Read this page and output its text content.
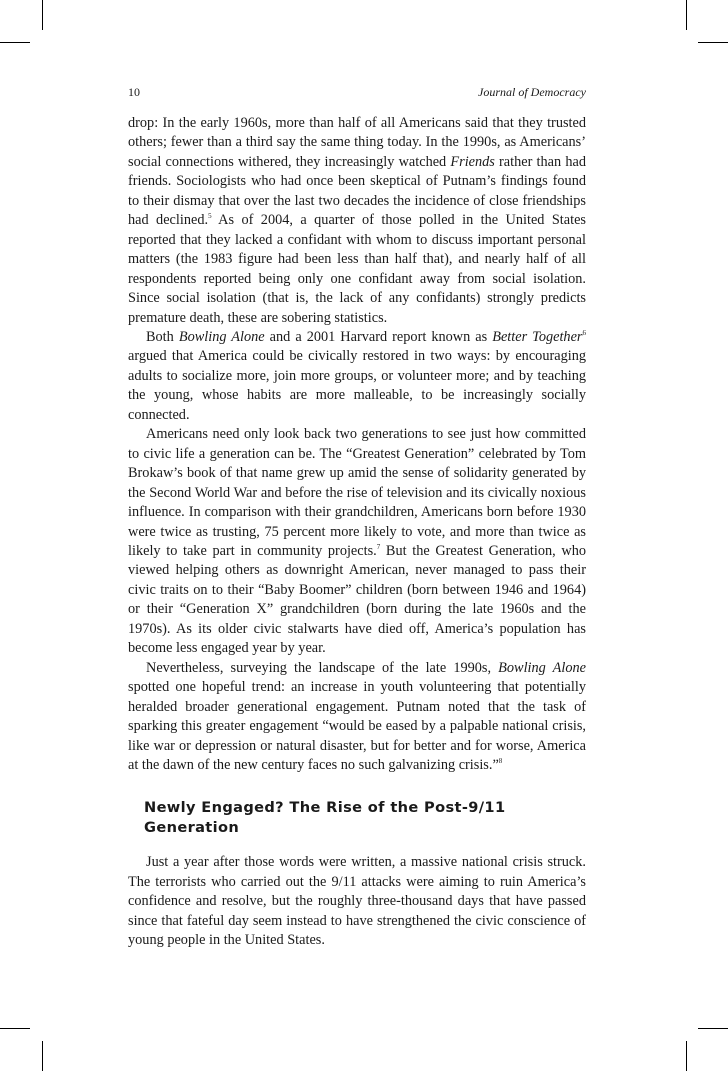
10	Journal of Democracy

drop: In the early 1960s, more than half of all Americans said that they trusted others; fewer than a third say the same thing today. In the 1990s, as Americans’ social connections withered, they increasingly watched Friends rather than had friends. Sociologists who had once been skeptical of Putnam’s findings found to their dismay that over the last two decades the incidence of close friendships had declined.$^5$ As of 2004, a quarter of those polled in the United States reported that they lacked a confidant with whom to discuss important personal matters (the 1983 figure had been less than half that), and nearly half of all respondents reported being only one confidant away from social isolation. Since social isolation (that is, the lack of any confidants) strongly predicts premature death, these are sobering statistics.

Both Bowling Alone and a 2001 Harvard report known as Better Together$^6$ argued that America could be civically restored in two ways: by encouraging adults to socialize more, join more groups, or volunteer more; and by teaching the young, whose habits are more malleable, to be increasingly socially connected.

Americans need only look back two generations to see just how committed to civic life a generation can be. The “Greatest Generation” celebrated by Tom Brokaw’s book of that name grew up amid the sense of solidarity generated by the Second World War and before the rise of television and its civically noxious influence. In comparison with their grandchildren, Americans born before 1930 were twice as trusting, 75 percent more likely to vote, and more than twice as likely to take part in community projects.$^7$ But the Greatest Generation, who viewed helping others as downright American, never managed to pass their civic traits on to their “Baby Boomer” children (born between 1946 and 1964) or their “Generation X” grandchildren (born during the late 1960s and the 1970s). As its older civic stalwarts have died off, America’s population has become less engaged year by year.

Nevertheless, surveying the landscape of the late 1990s, Bowling Alone spotted one hopeful trend: an increase in youth volunteering that potentially heralded broader generational engagement. Putnam noted that the task of sparking this greater engagement “would be eased by a palpable national crisis, like war or depression or natural disaster, but for better and for worse, America at the dawn of the new century faces no such galvanizing crisis.”$^8$

Newly Engaged? The Rise of the Post-9/11 Generation

Just a year after those words were written, a massive national crisis struck. The terrorists who carried out the 9/11 attacks were aiming to ruin America’s confidence and resolve, but the roughly three-thousand days that have passed since that fateful day seem instead to have strengthened the civic conscience of young people in the United States.
